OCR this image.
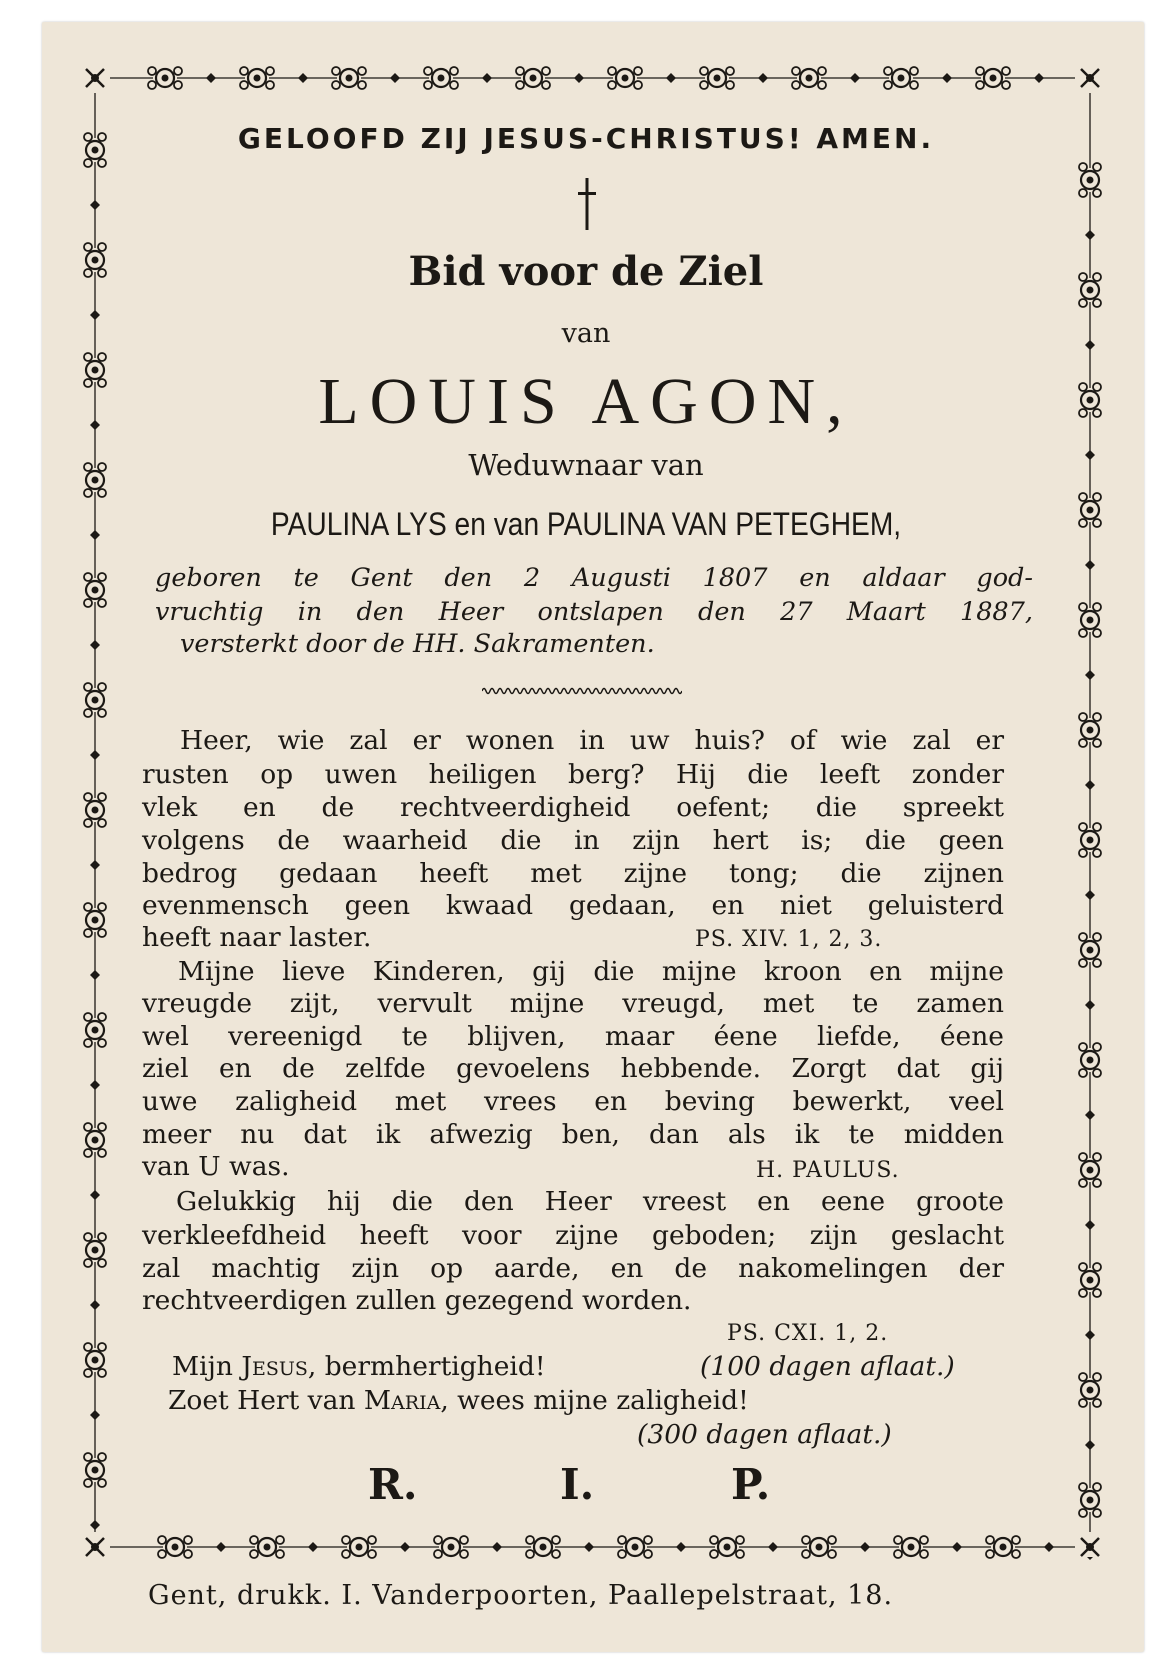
GELOOFD ZIJ JESUS-CHRISTUS! AMEN.
Bid voor de Ziel
van
LOUIS AGON,
Weduwnaar van
PAULINA LYS en van PAULINA VAN PETEGHEM,
geboren te Gent den 2 Augusti 1807 en aldaar god-
vruchtig in den Heer ontslapen den 27 Maart 1887,
versterkt door de HH. Sakramenten.
Heer, wie zal er wonen in uw huis? of wie zal er
rusten op uwen heiligen berg? Hij die leeft zonder
vlek en de rechtveerdigheid oefent; die spreekt
volgens de waarheid die in zijn hert is; die geen
bedrog gedaan heeft met zijne tong; die zijnen
evenmensch geen kwaad gedaan, en niet geluisterd
heeft naar laster.	PS. XIV. 1, 2, 3.
Mijne lieve Kinderen, gij die mijne kroon en mijne
vreugde zijt, vervult mijne vreugd, met te zamen
wel vereenigd te blijven, maar éene liefde, éene
ziel en de zelfde gevoelens hebbende. Zorgt dat gij
uwe zaligheid met vrees en beving bewerkt, veel
meer nu dat ik afwezig ben, dan als ik te midden
van U was.	H. PAULUS.
Gelukkig hij die den Heer vreest en eene groote
verkleefdheid heeft voor zijne geboden; zijn geslacht
zal machtig zijn op aarde, en de nakomelingen der
rechtveerdigen zullen gezegend worden.
PS. CXI. 1, 2.
Mijn Jesus, bermhertigheid!	(100 dagen aflaat.)
Zoet Hert van Maria, wees mijne zaligheid!
(300 dagen aflaat.)
R.	I.	P.
Gent, drukk. I. Vanderpoorten, Paallepelstraat, 18.
